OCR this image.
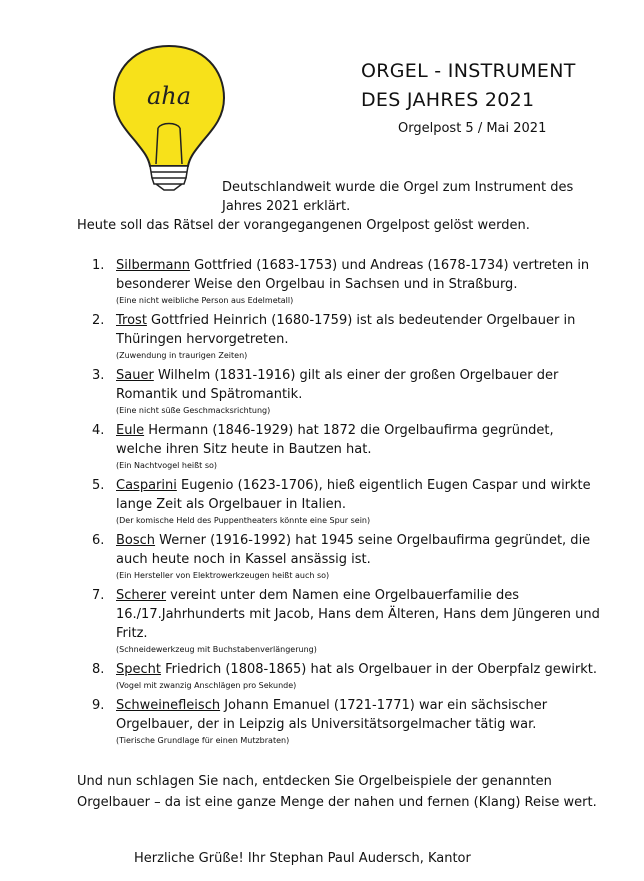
aha
ORGEL - INSTRUMENT
DES JAHRES 2021
Orgelpost 5 / Mai 2021
Deutschlandweit wurde die Orgel zum Instrument des Jahres 2021 erklärt.
Heute soll das Rätsel der vorangegangenen Orgelpost gelöst werden.
1. Silbermann Gottfried (1683-1753) und Andreas (1678-1734) vertreten in besonderer Weise den Orgelbau in Sachsen und in Straßburg.
(Eine nicht weibliche Person aus Edelmetall)
2. Trost Gottfried Heinrich (1680-1759) ist als bedeutender Orgelbauer in Thüringen hervorgetreten.
(Zuwendung in traurigen Zeiten)
3. Sauer Wilhelm (1831-1916) gilt als einer der großen Orgelbauer der Romantik und Spätromantik.
(Eine nicht süße Geschmacksrichtung)
4. Eule Hermann (1846-1929) hat 1872 die Orgelbaufirma gegründet, welche ihren Sitz heute in Bautzen hat.
(Ein Nachtvogel heißt so)
5. Casparini Eugenio (1623-1706), hieß eigentlich Eugen Caspar und wirkte lange Zeit als Orgelbauer in Italien.
(Der komische Held des Puppentheaters könnte eine Spur sein)
6. Bosch Werner (1916-1992) hat 1945 seine Orgelbaufirma gegründet, die auch heute noch in Kassel ansässig ist.
(Ein Hersteller von Elektrowerkzeugen heißt auch so)
7. Scherer vereint unter dem Namen eine Orgelbauerfamilie des 16./17.Jahrhunderts mit Jacob, Hans dem Älteren, Hans dem Jüngeren und Fritz.
(Schneidewerkzeug mit Buchstabenverlängerung)
8. Specht Friedrich (1808-1865) hat als Orgelbauer in der Oberpfalz gewirkt.
(Vogel mit zwanzig Anschlägen pro Sekunde)
9. Schweinefleisch Johann Emanuel (1721-1771) war ein sächsischer Orgelbauer, der in Leipzig als Universitätsorgelmacher tätig war.
(Tierische Grundlage für einen Mutzbraten)
Und nun schlagen Sie nach, entdecken Sie Orgelbeispiele der genannten Orgelbauer – da ist eine ganze Menge der nahen und fernen (Klang) Reise wert.
Herzliche Grüße! Ihr Stephan Paul Audersch, Kantor
